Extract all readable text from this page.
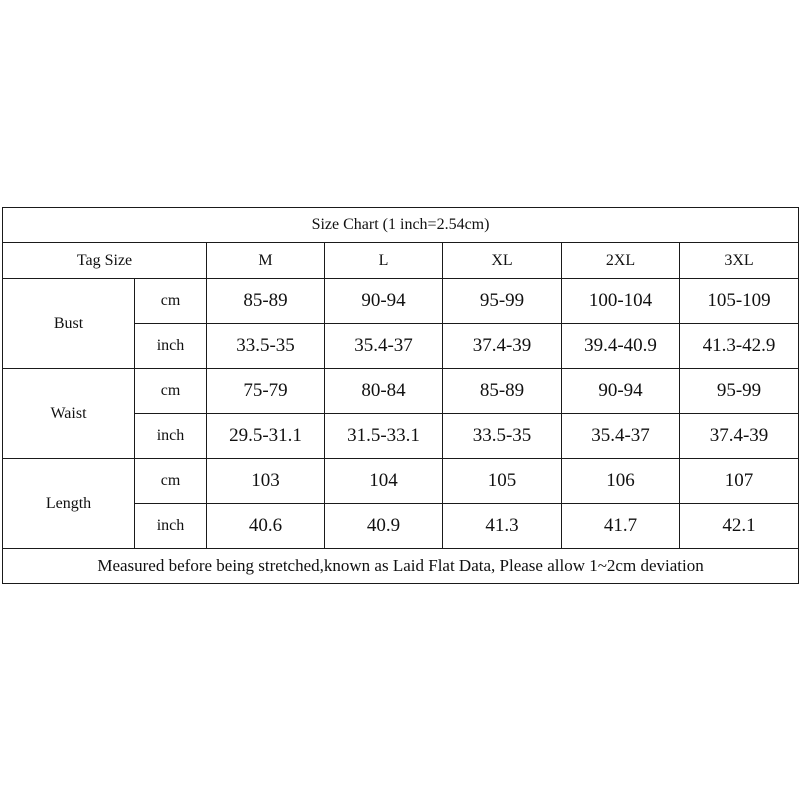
Size Chart (1 inch=2.54cm)						
Tag Size		M	L	XL	2XL	3XL
Bust	cm	85-89	90-94	95-99	100-104	105-109
	inch	33.5-35	35.4-37	37.4-39	39.4-40.9	41.3-42.9
Waist	cm	75-79	80-84	85-89	90-94	95-99
	inch	29.5-31.1	31.5-33.1	33.5-35	35.4-37	37.4-39
Length	cm	103	104	105	106	107
	inch	40.6	40.9	41.3	41.7	42.1
Measured before being stretched,known as Laid Flat Data, Please allow 1~2cm deviation						
